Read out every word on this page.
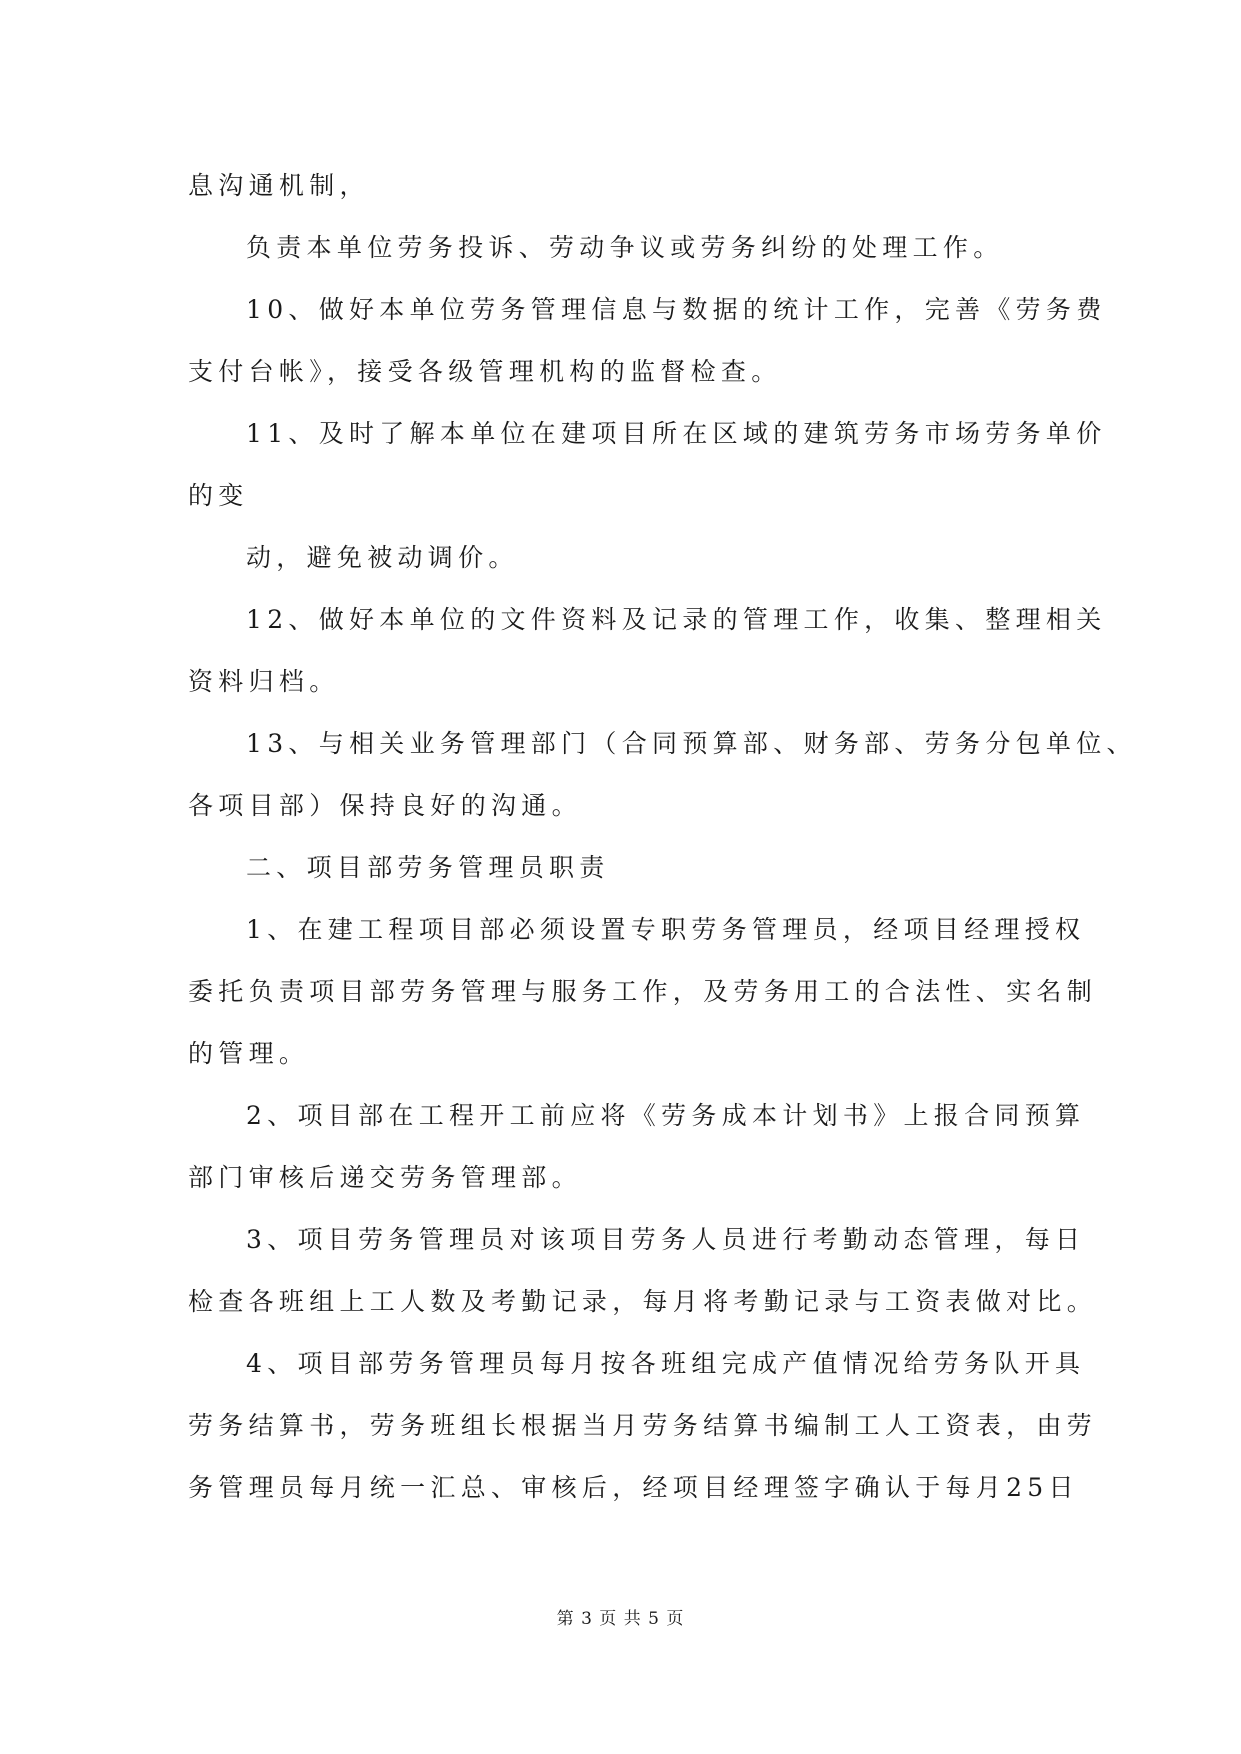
息沟通机制，
负责本单位劳务投诉、劳动争议或劳务纠纷的处理工作。
10、做好本单位劳务管理信息与数据的统计工作，完善《劳务费
支付台帐》，接受各级管理机构的监督检查。
11、及时了解本单位在建项目所在区域的建筑劳务市场劳务单价
的变
动，避免被动调价。
12、做好本单位的文件资料及记录的管理工作，收集、整理相关
资料归档。
13、与相关业务管理部门（合同预算部、财务部、劳务分包单位、
各项目部）保持良好的沟通。
二、项目部劳务管理员职责
1、在建工程项目部必须设置专职劳务管理员，经项目经理授权
委托负责项目部劳务管理与服务工作，及劳务用工的合法性、实名制
的管理。
2、项目部在工程开工前应将《劳务成本计划书》上报合同预算
部门审核后递交劳务管理部。
3、项目劳务管理员对该项目劳务人员进行考勤动态管理，每日
检查各班组上工人数及考勤记录，每月将考勤记录与工资表做对比。
4、项目部劳务管理员每月按各班组完成产值情况给劳务队开具
劳务结算书，劳务班组长根据当月劳务结算书编制工人工资表，由劳
务管理员每月统一汇总、审核后，经项目经理签字确认于每月25日
第 3 页 共 5 页
